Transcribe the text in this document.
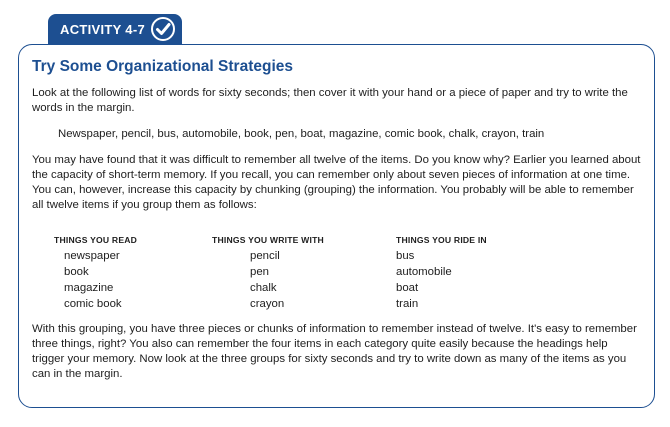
ACTIVITY 4-7
Try Some Organizational Strategies
Look at the following list of words for sixty seconds; then cover it with your hand or a piece of paper and try to write the words in the margin.
Newspaper, pencil, bus, automobile, book, pen, boat, magazine, comic book, chalk, crayon, train
You may have found that it was difficult to remember all twelve of the items. Do you know why? Earlier you learned about the capacity of short-term memory. If you recall, you can remember only about seven pieces of information at one time. You can, however, increase this capacity by chunking (grouping) the information. You probably will be able to remember all twelve items if you group them as follows:
THINGS YOU READ
newspaper
book
magazine
comic book
THINGS YOU WRITE WITH
pencil
pen
chalk
crayon
THINGS YOU RIDE IN
bus
automobile
boat
train
With this grouping, you have three pieces or chunks of information to remember instead of twelve. It's easy to remember three things, right? You also can remember the four items in each category quite easily because the headings help trigger your memory. Now look at the three groups for sixty seconds and try to write down as many of the items as you can in the margin.
